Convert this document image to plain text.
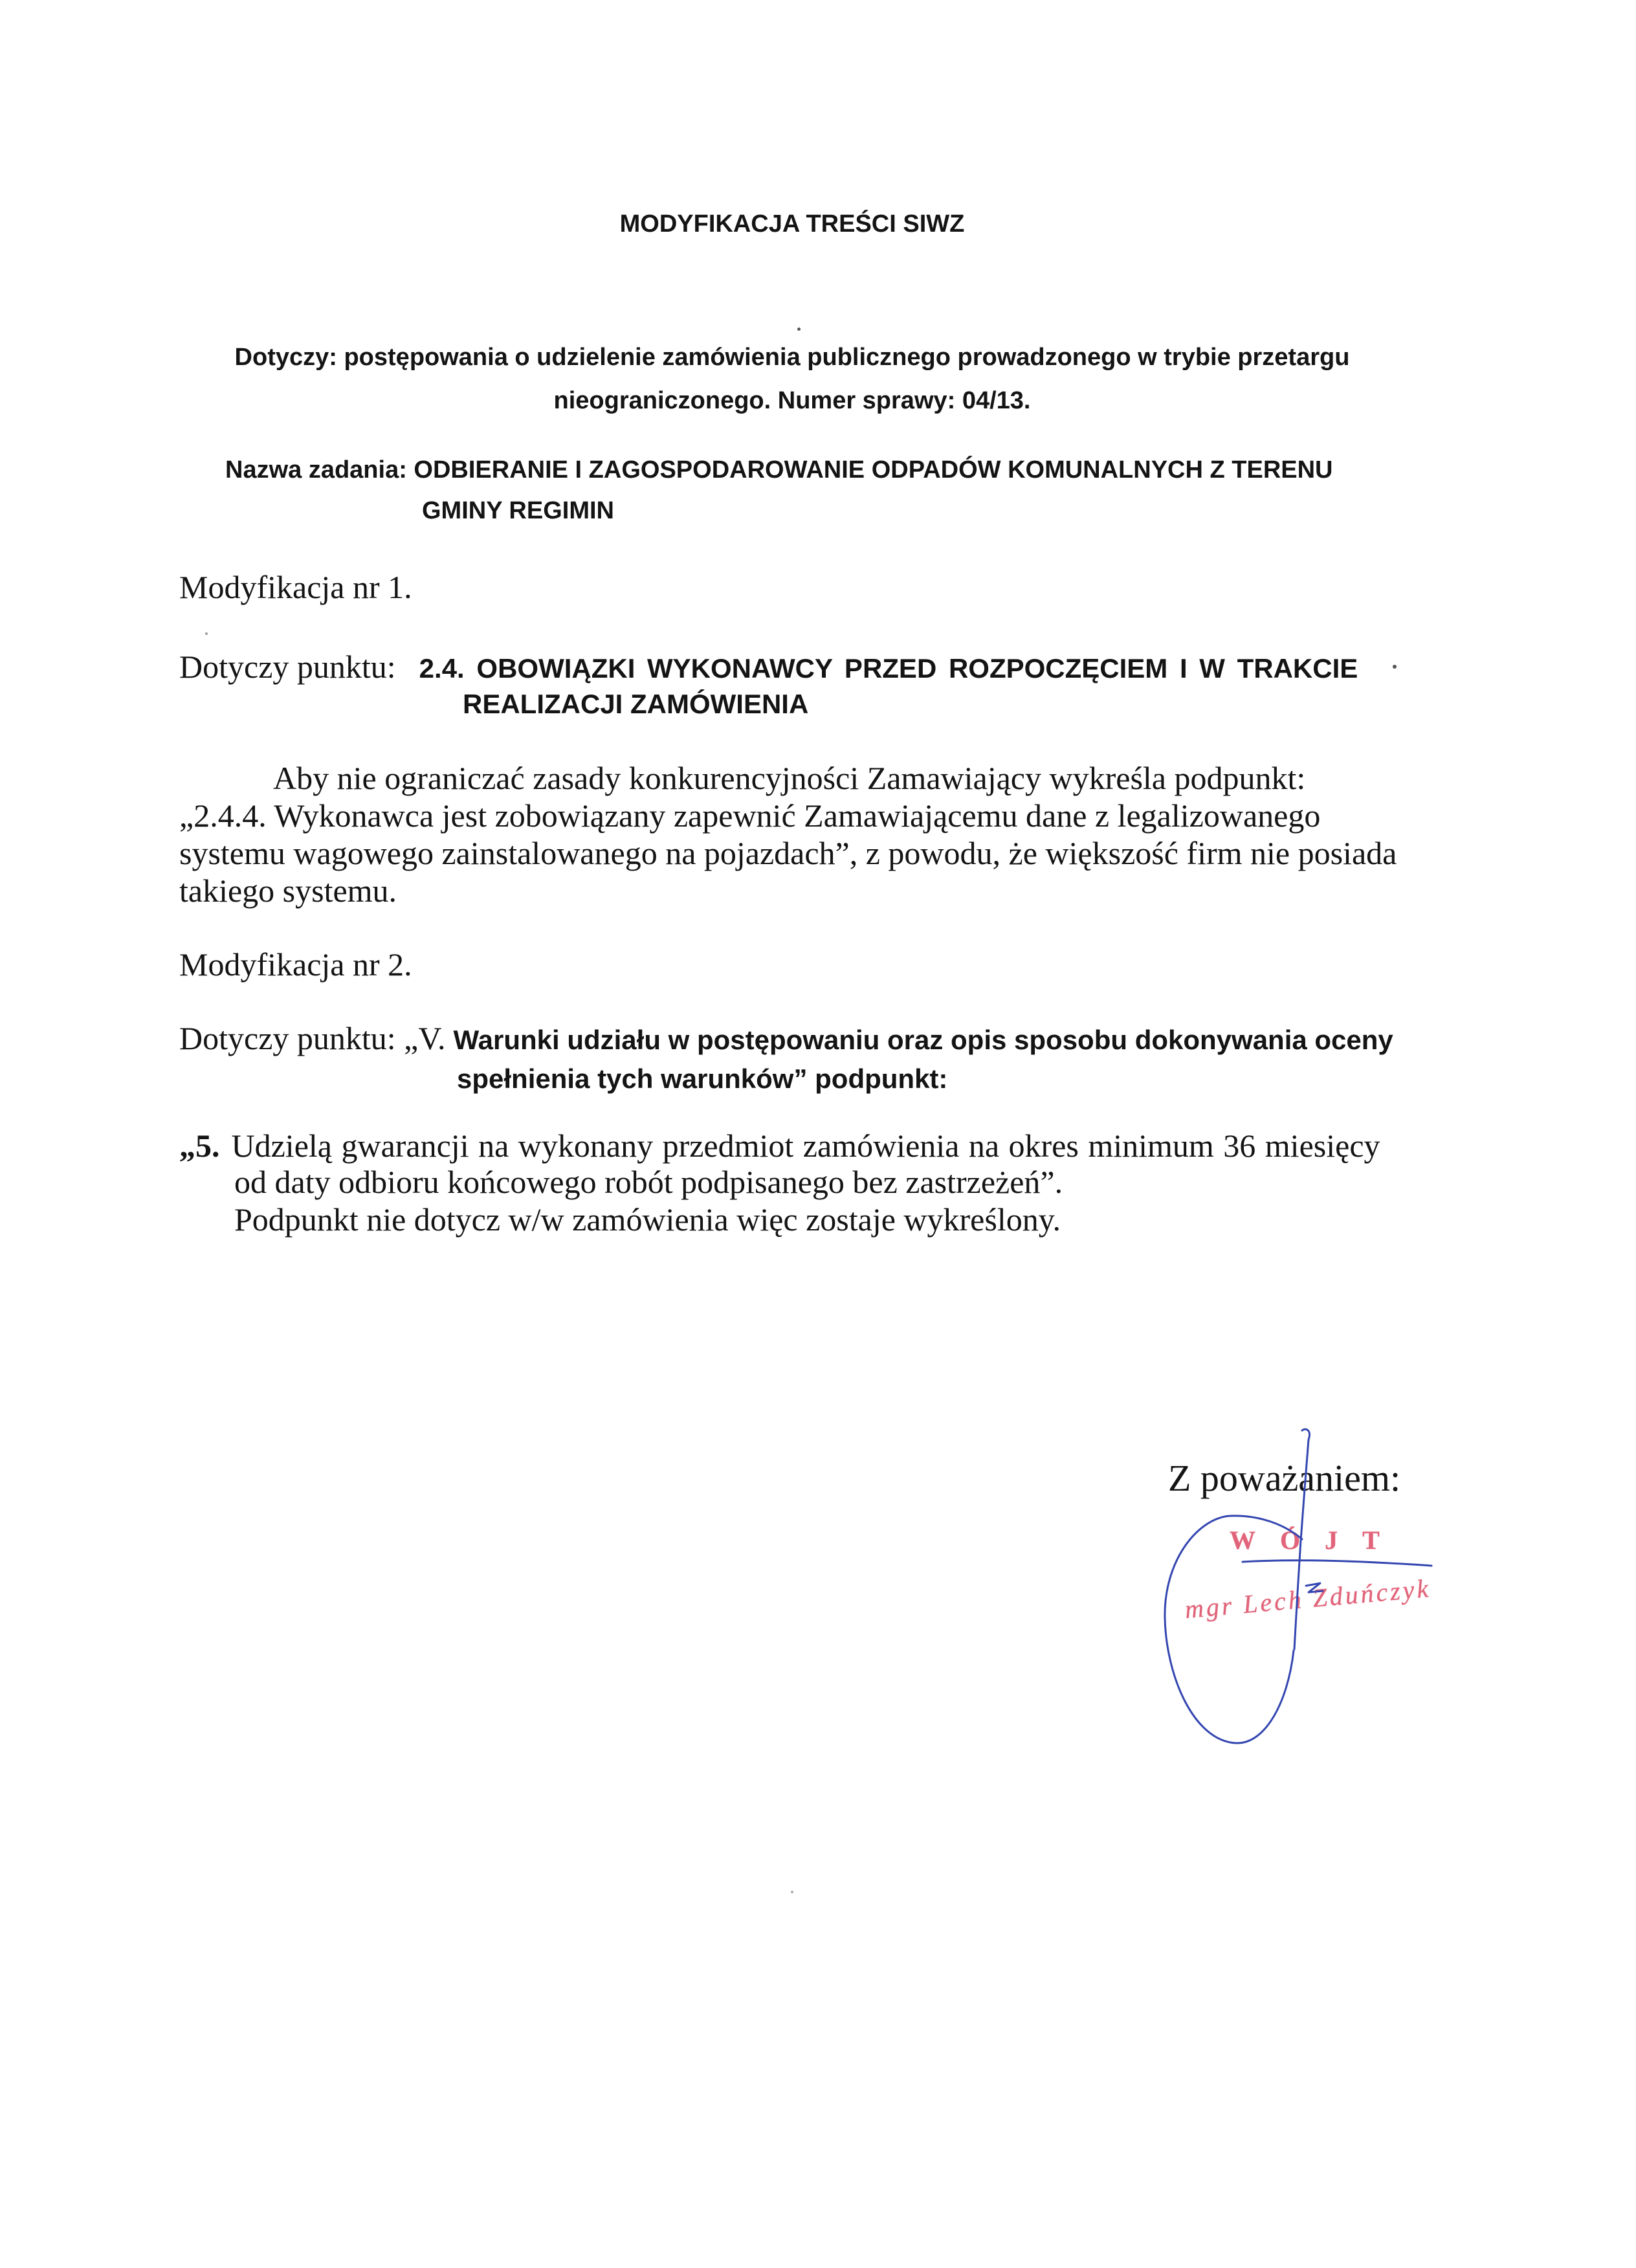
MODYFIKACJA TREŚCI SIWZ
Dotyczy: postępowania o udzielenie zamówienia publicznego prowadzonego w trybie przetargu
nieograniczonego. Numer sprawy: 04/13.
Nazwa zadania: ODBIERANIE I ZAGOSPODAROWANIE ODPADÓW KOMUNALNYCH Z TERENU
GMINY REGIMIN
Modyfikacja nr 1.
Dotyczy punktu: 2.4. OBOWIĄZKI WYKONAWCY PRZED ROZPOCZĘCIEM I W TRAKCIE
REALIZACJI ZAMÓWIENIA
Aby nie ograniczać zasady konkurencyjności Zamawiający wykreśla podpunkt:
„2.4.4. Wykonawca jest zobowiązany zapewnić Zamawiającemu dane z legalizowanego
systemu wagowego zainstalowanego na pojazdach”, z powodu, że większość firm nie posiada
takiego systemu.
Modyfikacja nr 2.
Dotyczy punktu: „V. Warunki udziału w postępowaniu oraz opis sposobu dokonywania oceny
spełnienia tych warunków” podpunkt:
„5. Udzielą gwarancji na wykonany przedmiot zamówienia na okres minimum 36 miesięcy
od daty odbioru końcowego robót podpisanego bez zastrzeżeń”.
Podpunkt nie dotycz w/w zamówienia więc zostaje wykreślony.
Z poważaniem:
WÓJT
mgr Lech Zduńczyk
